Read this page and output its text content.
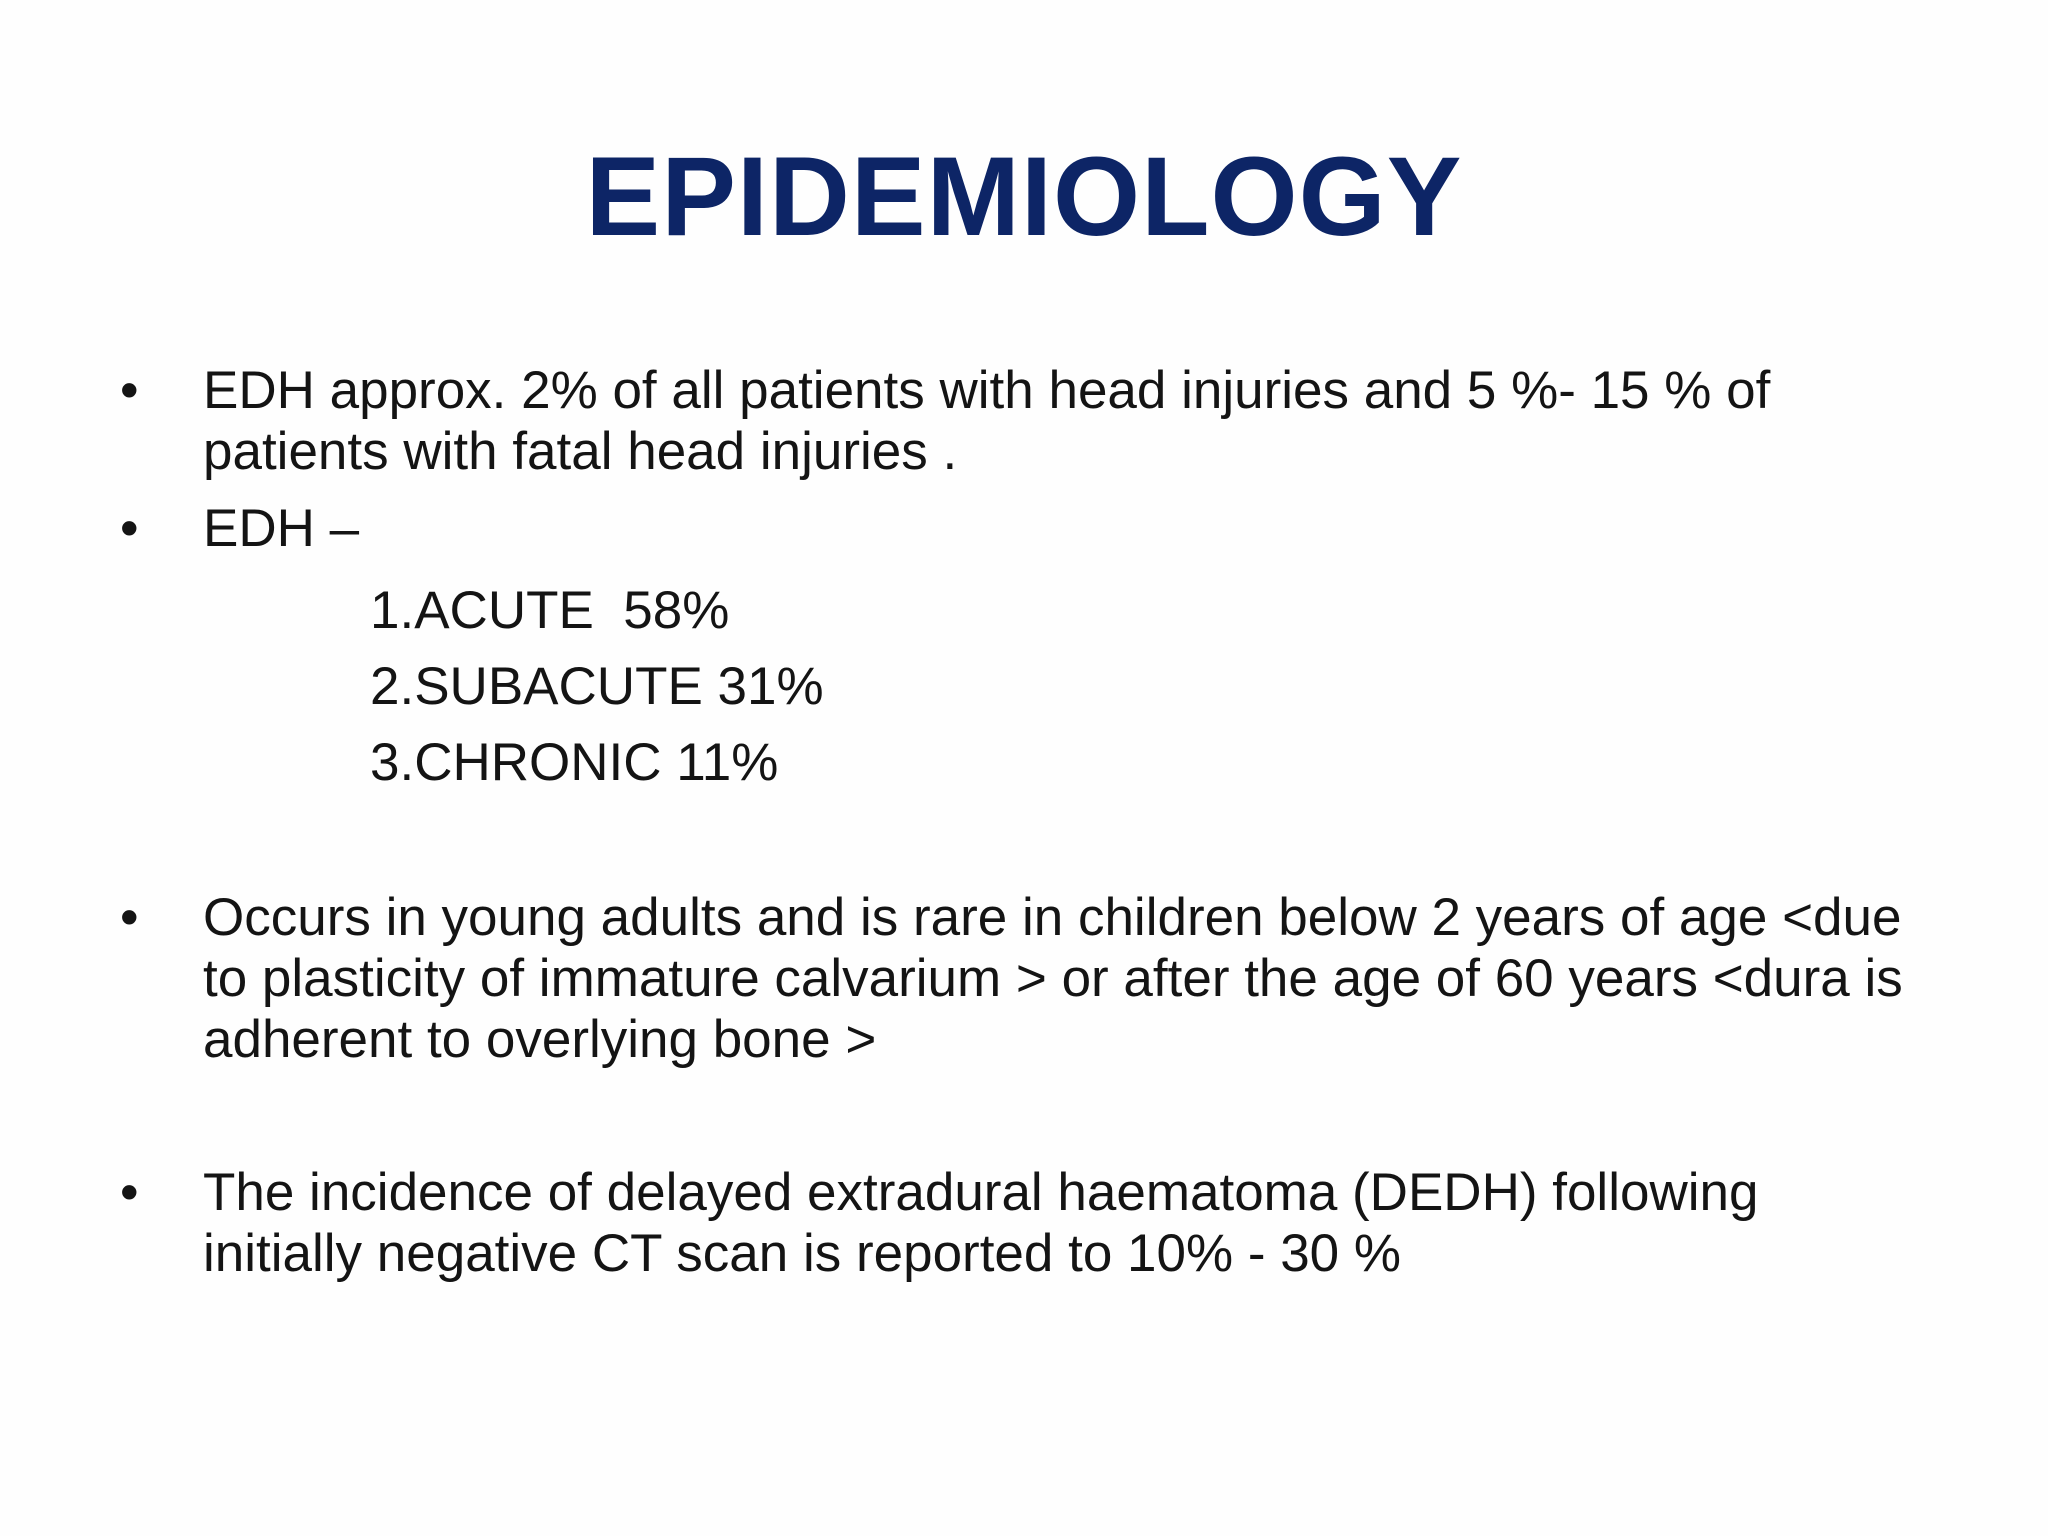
EPIDEMIOLOGY
•	EDH approx. 2% of all patients with head injuries and 5 %- 15 % of patients with fatal head injuries .
•	EDH –
1.ACUTE  58%
2.SUBACUTE 31%
3.CHRONIC 11%
•	Occurs in young adults and is rare in children below 2 years of age <due to plasticity of immature calvarium > or after the age of 60 years <dura is adherent to overlying bone >
•	The incidence of delayed extradural haematoma (DEDH) following initially negative CT scan is reported to 10% - 30 %
